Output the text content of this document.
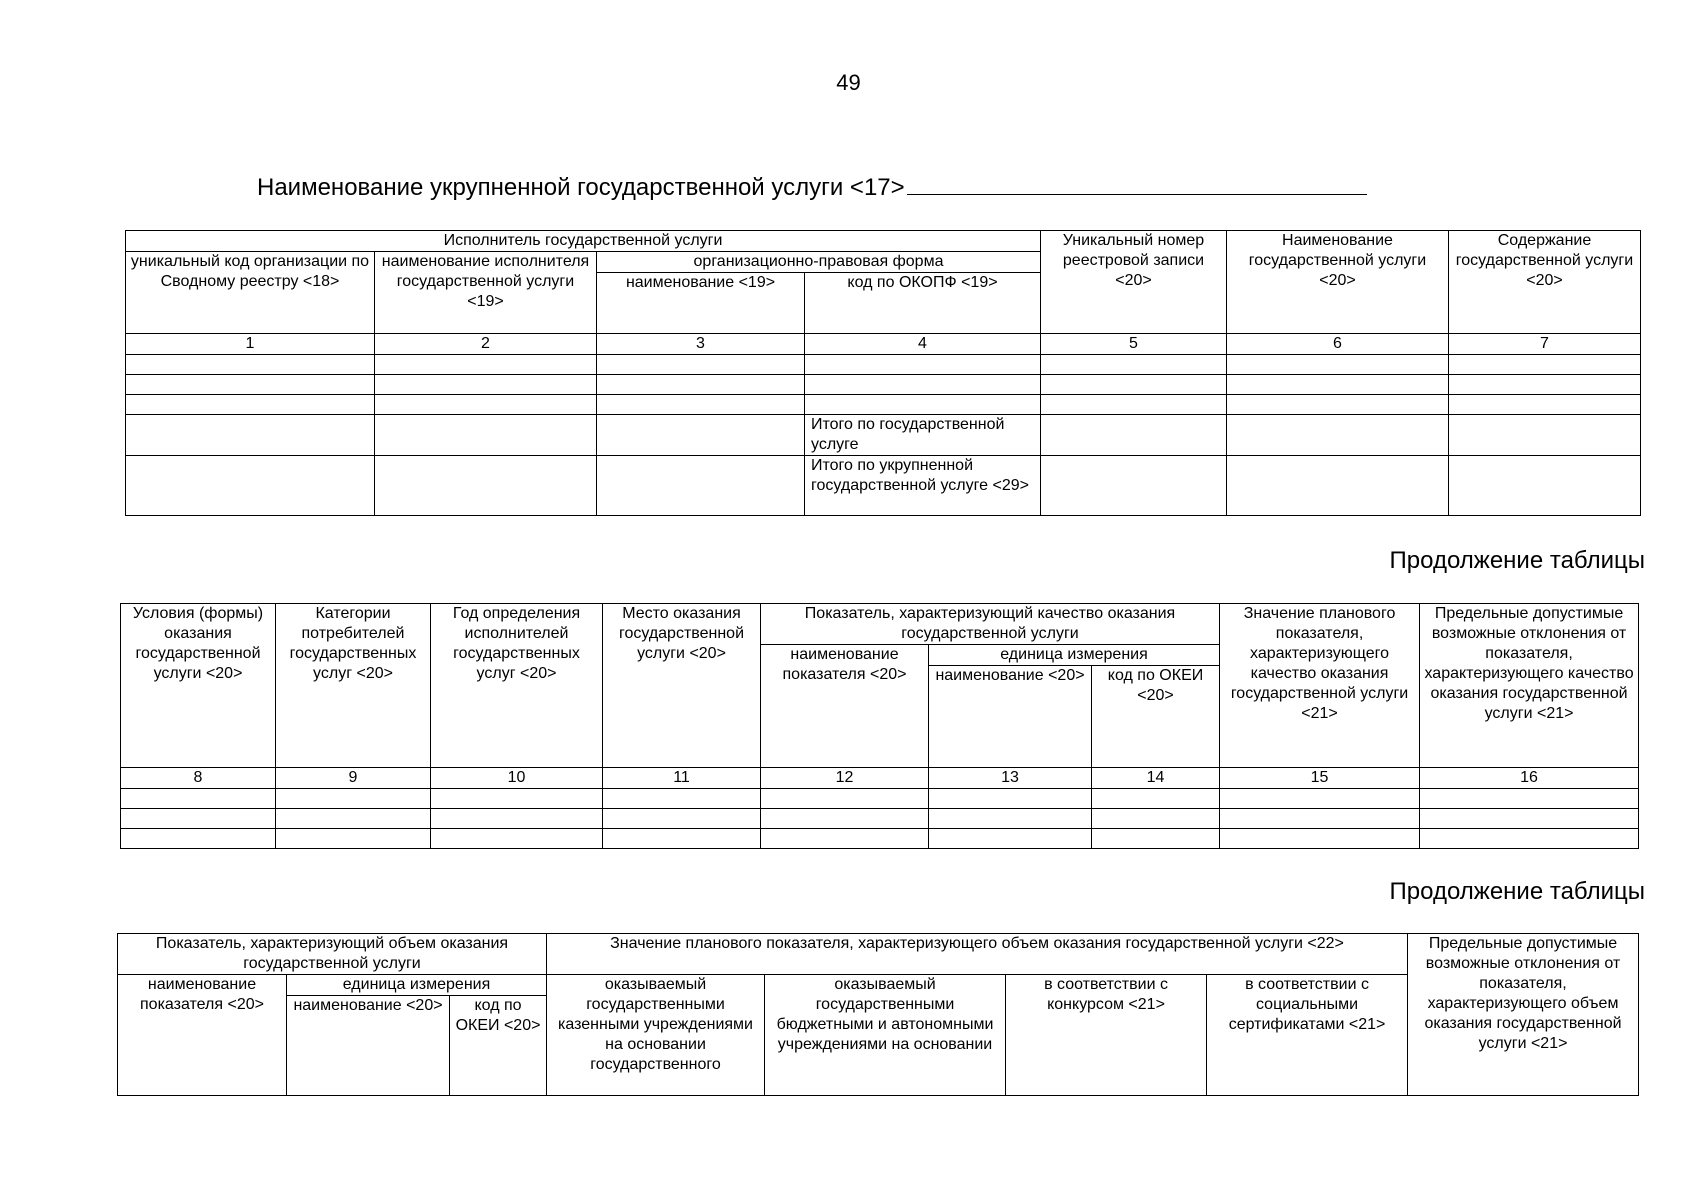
49
Наименование укрупненной государственной услуги <17>
Исполнитель государственной услуги				Уникальный номер реестровой записи <20>	Наименование государственной услуги <20>	Содержание государственной услуги <20>
уникальный код организации по Сводному реестру <18>	наименование исполнителя государственной услуги <19>	организационно-правовая форма				
		наименование <19>	код по ОКОПФ <19>			
1	2	3	4	5	6	7

			Итого по государственной услуге			
			Итого по укрупненной государственной услуге <29>			
Продолжение таблицы
Условия (формы) оказания государственной услуги <20>	Категории потребителей государственных услуг <20>	Год определения исполнителей государственных услуг <20>	Место оказания государственной услуги <20>	Показатель, характеризующий качество оказания государственной услуги			Значение планового показателя, характеризующего качество оказания государственной услуги <21>	Предельные допустимые возможные отклонения от показателя, характеризующего качество оказания государственной услуги <21>
				наименование показателя <20>	единица измерения			
					наименование <20>	код по ОКЕИ <20>		
8	9	10	11	12	13	14	15	16

Продолжение таблицы
Показатель, характеризующий объем оказания государственной услуги			Значение планового показателя, характеризующего объем оказания государственной услуги <22>				Предельные допустимые возможные отклонения от показателя, характеризующего объем оказания государственной услуги <21>
наименование показателя <20>	единица измерения		оказываемый государственными казенными учреждениями на основании государственного	оказываемый государственными бюджетными и автономными учреждениями на основании	в соответствии с конкурсом <21>	в соответствии с социальными сертификатами <21>	
	наименование <20>	код по ОКЕИ <20>					
